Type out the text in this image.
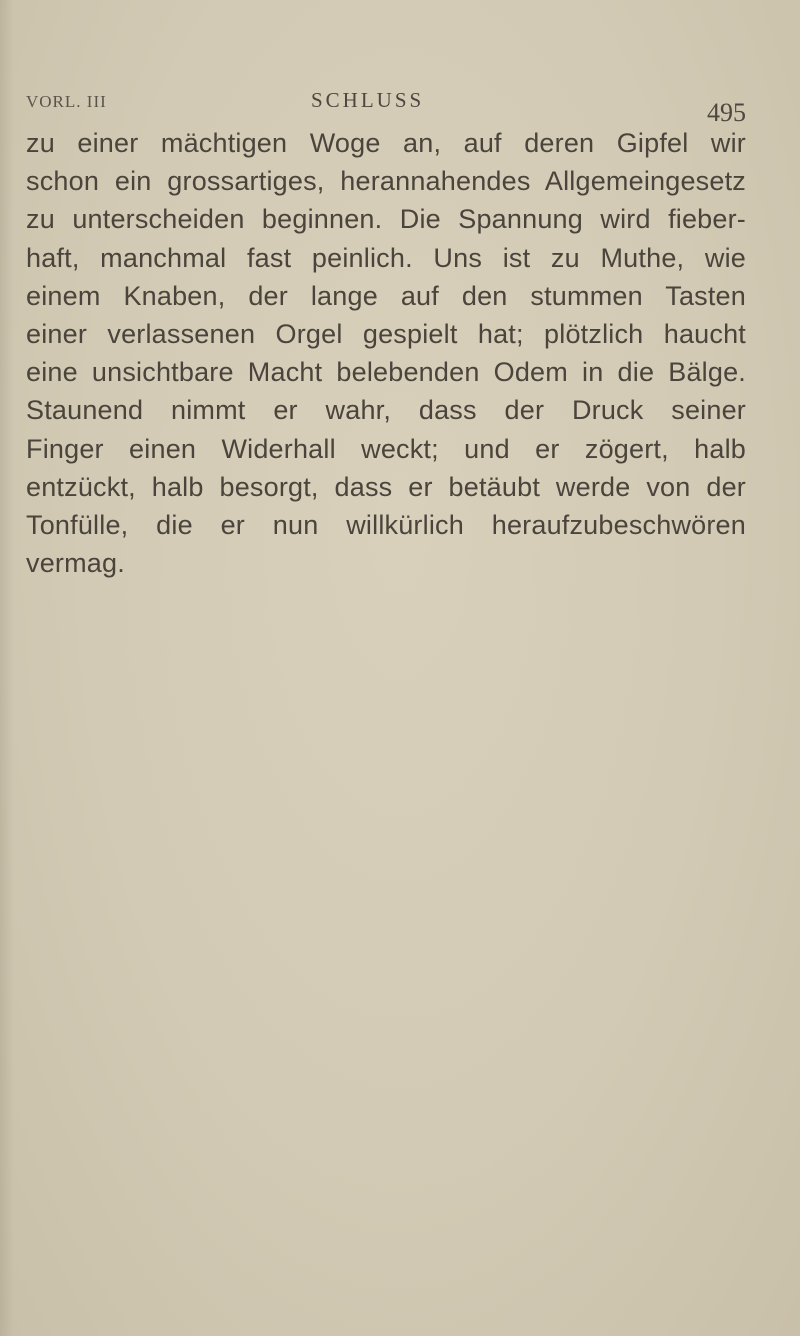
VORL. III	SCHLUSS	495
zu einer mächtigen Woge an, auf deren Gipfel wir
schon ein grossartiges, herannahendes Allgemeingesetz
zu unterscheiden beginnen. Die Spannung wird fieber-
haft, manchmal fast peinlich. Uns ist zu Muthe, wie
einem Knaben, der lange auf den stummen Tasten
einer verlassenen Orgel gespielt hat; plötzlich haucht
eine unsichtbare Macht belebenden Odem in die Bälge.
Staunend nimmt er wahr, dass der Druck seiner
Finger einen Widerhall weckt; und er zögert, halb
entzückt, halb besorgt, dass er betäubt werde von der
Tonfülle, die er nun willkürlich heraufzubeschwören
vermag.
